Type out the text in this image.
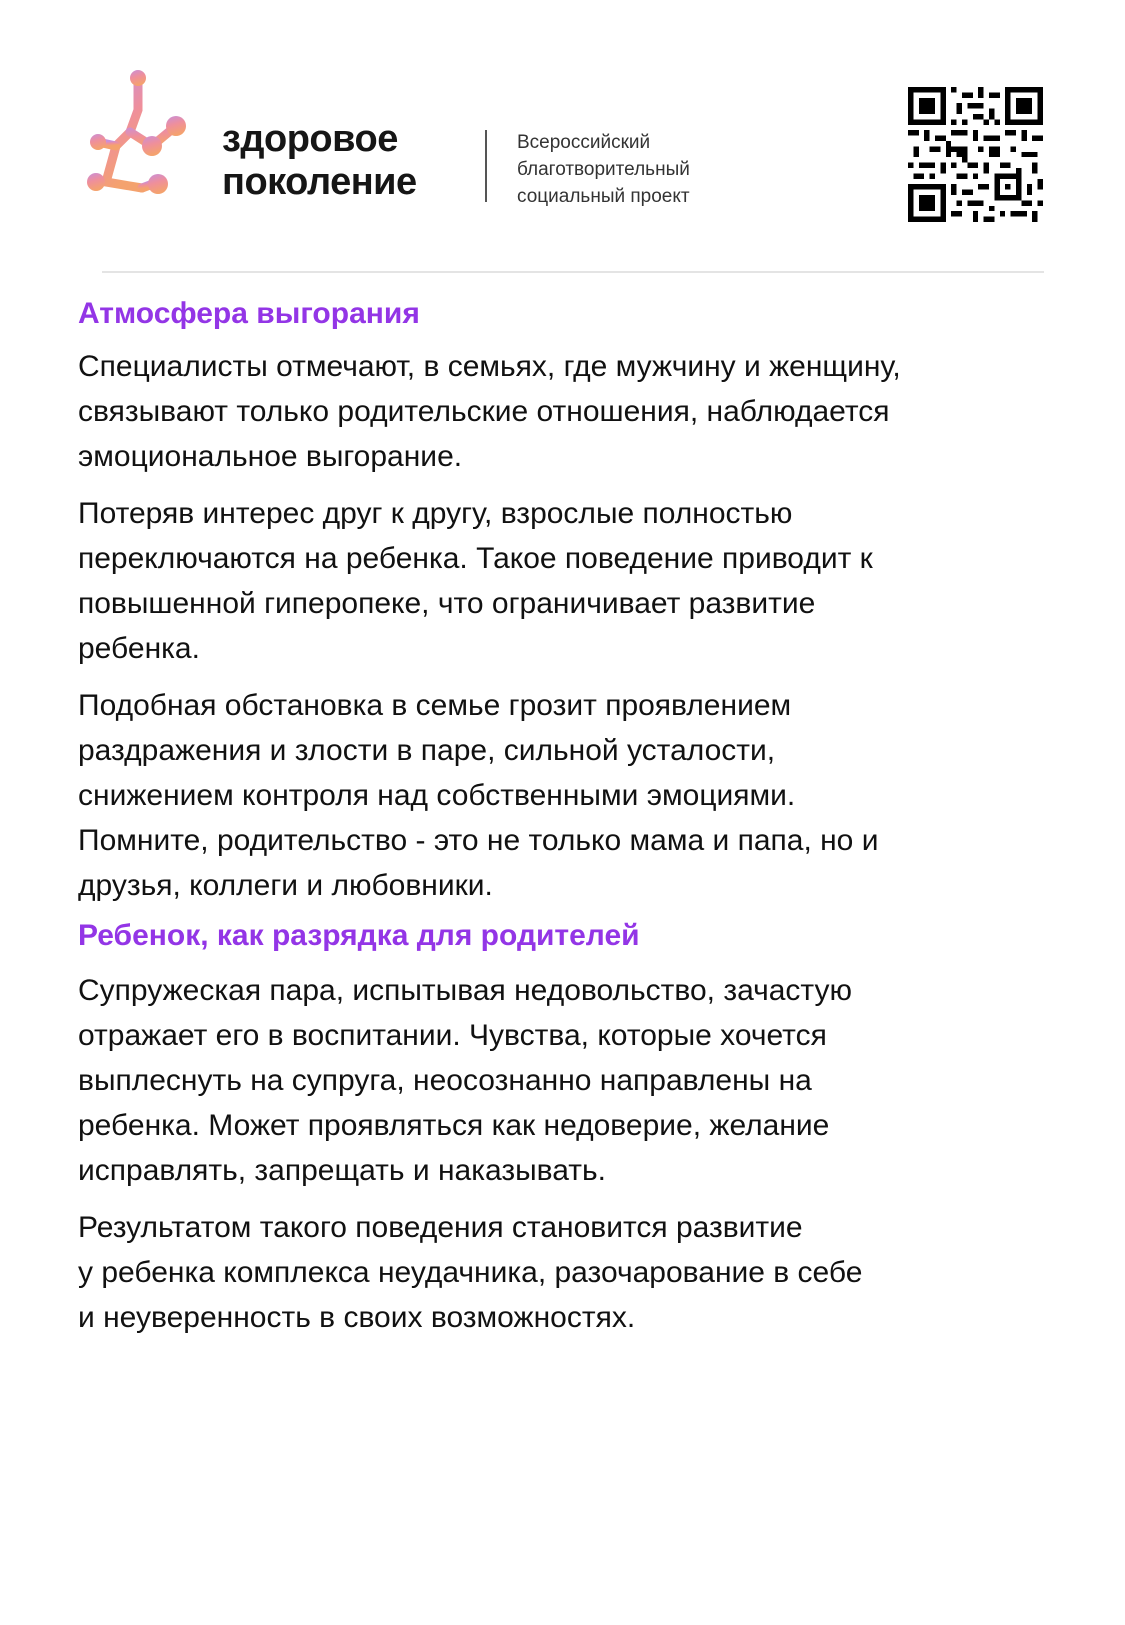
здоровое
поколение
Всероссийский
благотворительный
социальный проект
Атмосфера выгорания
Специалисты отмечают, в семьях, где мужчину и женщину,
связывают только родительские отношения, наблюдается
эмоциональное выгорание.
Потеряв интерес друг к другу, взрослые полностью
переключаются на ребенка. Такое поведение приводит к
повышенной гиперопеке, что ограничивает развитие
ребенка.
Подобная обстановка в семье грозит проявлением
раздражения и злости в паре, сильной усталости,
снижением контроля над собственными эмоциями.
Помните, родительство - это не только мама и папа, но и
друзья, коллеги и любовники.
Ребенок, как разрядка для родителей
Супружеская пара, испытывая недовольство, зачастую
отражает его в воспитании. Чувства, которые хочется
выплеснуть на супруга, неосознанно направлены на
ребенка. Может проявляться как недоверие, желание
исправлять, запрещать и наказывать.
Результатом такого поведения становится развитие
у ребенка комплекса неудачника, разочарование в себе
и неуверенность в своих возможностях.
